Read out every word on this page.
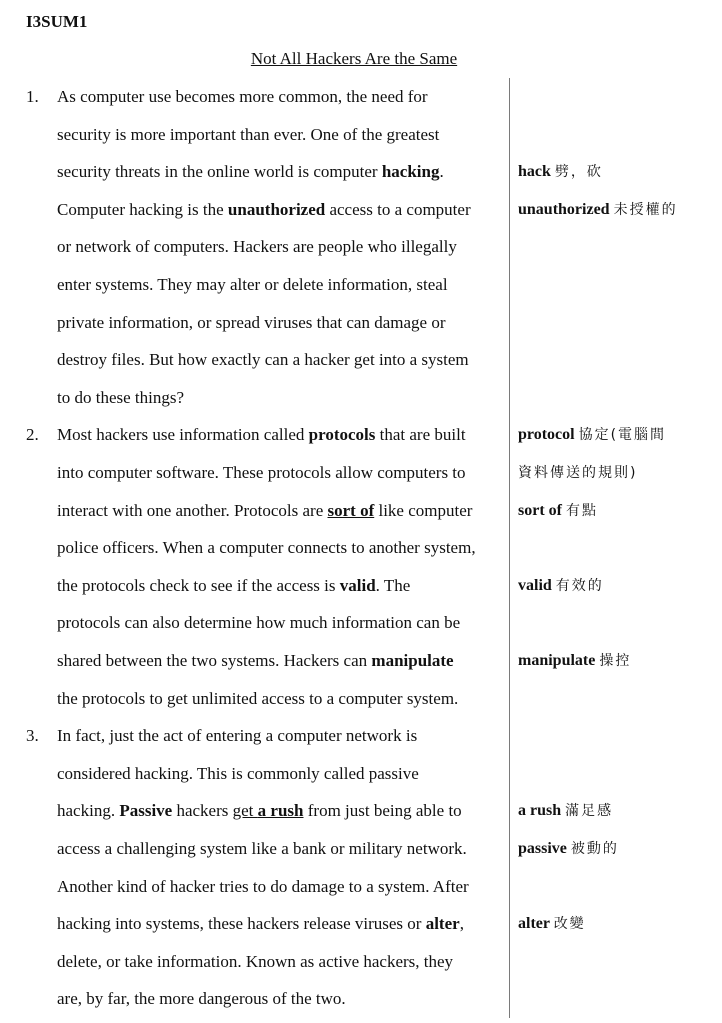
I3SUM1
Not All Hackers Are the Same
1. As computer use becomes more common, the need for
security is more important than ever. One of the greatest
security threats in the online world is computer hacking.
Computer hacking is the unauthorized access to a computer
or network of computers. Hackers are people who illegally
enter systems. They may alter or delete information, steal
private information, or spread viruses that can damage or
destroy files. But how exactly can a hacker get into a system
to do these things?
2. Most hackers use information called protocols that are built
into computer software. These protocols allow computers to
interact with one another. Protocols are sort of like computer
police officers. When a computer connects to another system,
the protocols check to see if the access is valid. The
protocols can also determine how much information can be
shared between the two systems. Hackers can manipulate
the protocols to get unlimited access to a computer system.
3. In fact, just the act of entering a computer network is
considered hacking. This is commonly called passive
hacking. Passive hackers get a rush from just being able to
access a challenging system like a bank or military network.
Another kind of hacker tries to do damage to a system. After
hacking into systems, these hackers release viruses or alter,
delete, or take information. Known as active hackers, they
are, by far, the more dangerous of the two.
hack 劈，砍
unauthorized 未授權的
protocol 協定(電腦間
資料傳送的規則)
sort of 有點
valid 有效的
manipulate 操控
a rush 滿足感
passive 被動的
alter 改變
